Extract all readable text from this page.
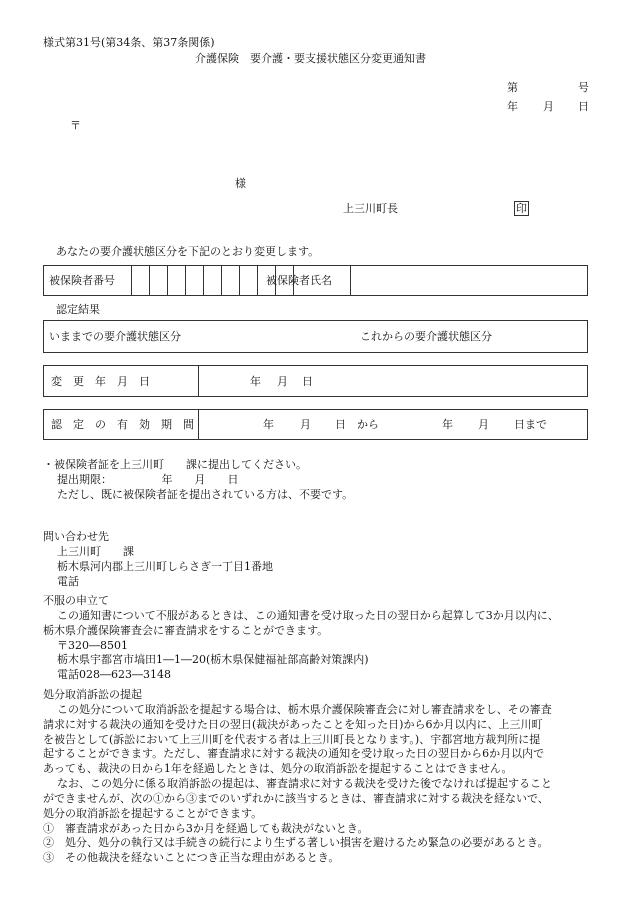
様式第31号(第34条、第37条関係)
介護保険　要介護・要支援状態区分変更通知書
第	号
年 月 日
〒
様
上三川町長	印
あなたの要介護状態区分を下記のとおり変更します。
被保険者番号	被保険者氏名
認定結果
いままでの要介護状態区分	これからの要介護状態区分
変　更　年　月　日	年 月 日
認　定　の　有　効　期　間	年 月 日　から	年 月 日まで
・被保険者証を上三川町　　課に提出してください。
提出期限：　　　　　年　　月　　日
ただし、既に被保険者証を提出されている方は、不要です。
問い合わせ先
上三川町　　課
栃木県河内郡上三川町しらさぎ一丁目1番地
電話
不服の申立て
この通知書について不服があるときは、この通知書を受け取った日の翌日から起算して3か月以内に、
栃木県介護保険審査会に審査請求をすることができます。
〒320―8501
栃木県宇都宮市塙田1―1―20(栃木県保健福祉部高齢対策課内)
電話028―623―3148
処分取消訴訟の提起
この処分について取消訴訟を提起する場合は、栃木県介護保険審査会に対し審査請求をし、その審査
請求に対する裁決の通知を受けた日の翌日(裁決があったことを知った日)から6か月以内に、上三川町
を被告として(訴訟において上三川町を代表する者は上三川町長となります。)、宇都宮地方裁判所に提
起することができます。ただし、審査請求に対する裁決の通知を受け取った日の翌日から6か月以内で
あっても、裁決の日から1年を経過したときは、処分の取消訴訟を提起することはできません。
なお、この処分に係る取消訴訟の提起は、審査請求に対する裁決を受けた後でなければ提起すること
ができませんが、次の①から③までのいずれかに該当するときは、審査請求に対する裁決を経ないで、
処分の取消訴訟を提起することができます。
①　審査請求があった日から3か月を経過しても裁決がないとき。
②　処分、処分の執行又は手続きの続行により生ずる著しい損害を避けるため緊急の必要があるとき。
③　その他裁決を経ないことにつき正当な理由があるとき。
